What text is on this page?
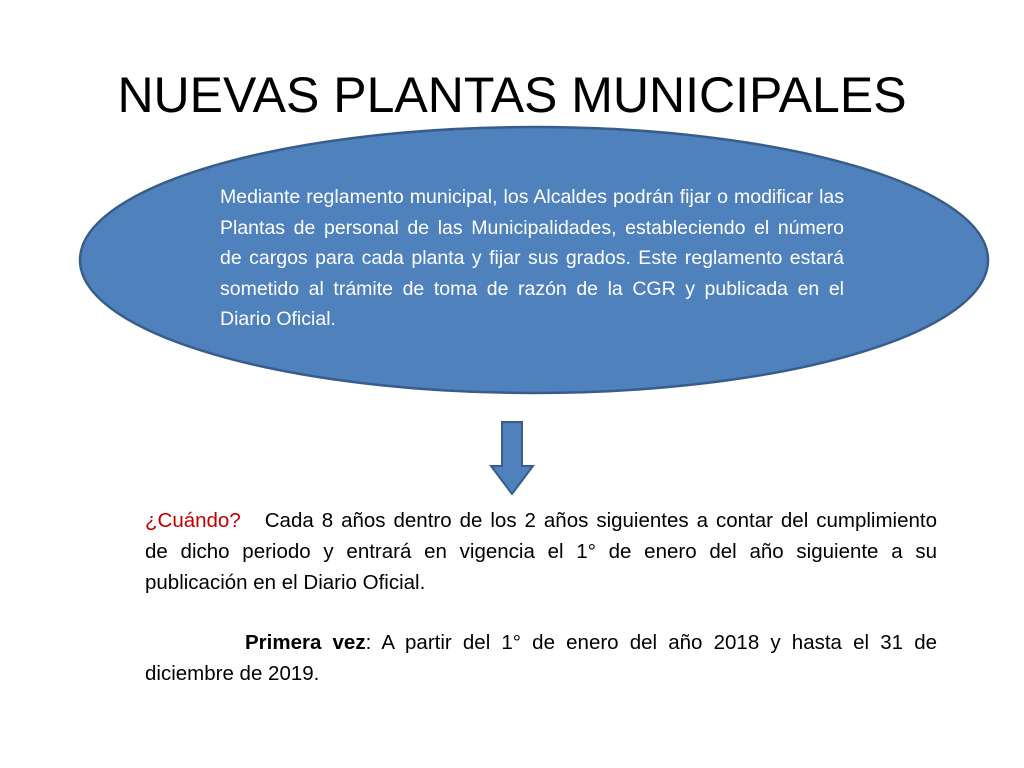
NUEVAS PLANTAS MUNICIPALES

Mediante reglamento municipal, los Alcaldes podrán fijar o modificar las Plantas de personal de las Municipalidades, estableciendo el número de cargos para cada planta y fijar sus grados. Este reglamento estará sometido al trámite de toma de razón de la CGR y publicada en el Diario Oficial.

¿Cuándo? Cada 8 años dentro de los 2 años siguientes a contar del cumplimiento de dicho periodo y entrará en vigencia el 1° de enero del año siguiente a su publicación en el Diario Oficial.

Primera vez: A partir del 1° de enero del año 2018 y hasta el 31 de diciembre de 2019.
